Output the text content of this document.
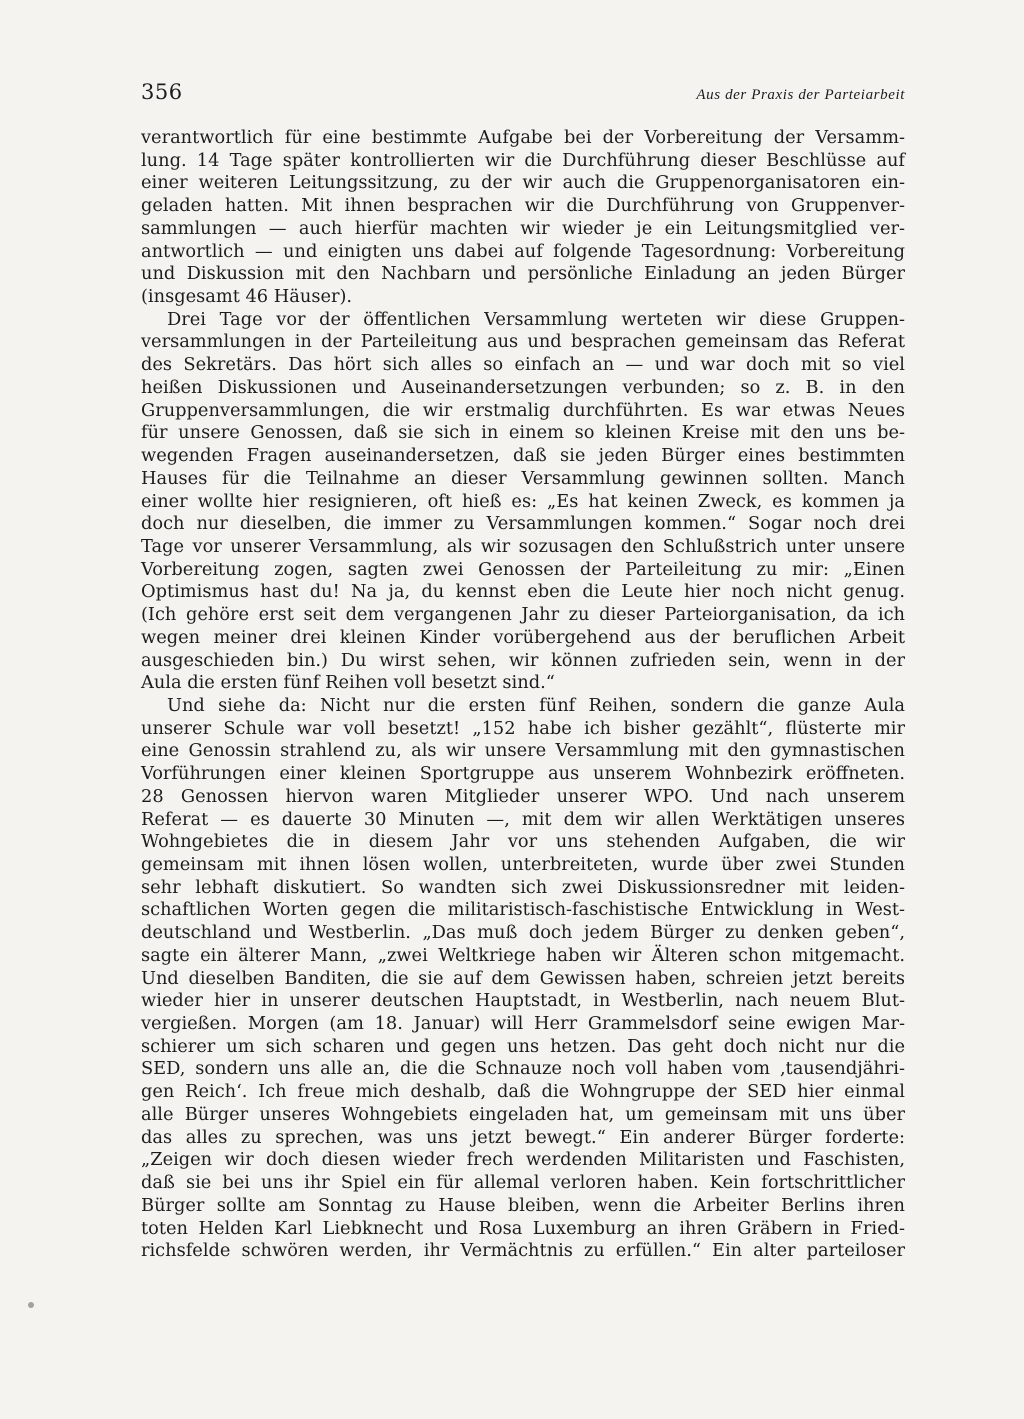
356	Aus der Praxis der Parteiarbeit
verantwortlich für eine bestimmte Aufgabe bei der Vorbereitung der Versamm-
lung. 14 Tage später kontrollierten wir die Durchführung dieser Beschlüsse auf
einer weiteren Leitungssitzung, zu der wir auch die Gruppenorganisatoren ein-
geladen hatten. Mit ihnen besprachen wir die Durchführung von Gruppenver-
sammlungen — auch hierfür machten wir wieder je ein Leitungsmitglied ver-
antwortlich — und einigten uns dabei auf folgende Tagesordnung: Vorbereitung
und Diskussion mit den Nachbarn und persönliche Einladung an jeden Bürger
(insgesamt 46 Häuser).
Drei Tage vor der öffentlichen Versammlung werteten wir diese Gruppen-
versammlungen in der Parteileitung aus und besprachen gemeinsam das Referat
des Sekretärs. Das hört sich alles so einfach an — und war doch mit so viel
heißen Diskussionen und Auseinandersetzungen verbunden; so z. B. in den
Gruppenversammlungen, die wir erstmalig durchführten. Es war etwas Neues
für unsere Genossen, daß sie sich in einem so kleinen Kreise mit den uns be-
wegenden Fragen auseinandersetzen, daß sie jeden Bürger eines bestimmten
Hauses für die Teilnahme an dieser Versammlung gewinnen sollten. Manch
einer wollte hier resignieren, oft hieß es: „Es hat keinen Zweck, es kommen ja
doch nur dieselben, die immer zu Versammlungen kommen.“ Sogar noch drei
Tage vor unserer Versammlung, als wir sozusagen den Schlußstrich unter unsere
Vorbereitung zogen, sagten zwei Genossen der Parteileitung zu mir: „Einen
Optimismus hast du! Na ja, du kennst eben die Leute hier noch nicht genug.
(Ich gehöre erst seit dem vergangenen Jahr zu dieser Parteiorganisation, da ich
wegen meiner drei kleinen Kinder vorübergehend aus der beruflichen Arbeit
ausgeschieden bin.) Du wirst sehen, wir können zufrieden sein, wenn in der
Aula die ersten fünf Reihen voll besetzt sind.“
Und siehe da: Nicht nur die ersten fünf Reihen, sondern die ganze Aula
unserer Schule war voll besetzt! „152 habe ich bisher gezählt“, flüsterte mir
eine Genossin strahlend zu, als wir unsere Versammlung mit den gymnastischen
Vorführungen einer kleinen Sportgruppe aus unserem Wohnbezirk eröffneten.
28 Genossen hiervon waren Mitglieder unserer WPO. Und nach unserem
Referat — es dauerte 30 Minuten —, mit dem wir allen Werktätigen unseres
Wohngebietes die in diesem Jahr vor uns stehenden Aufgaben, die wir
gemeinsam mit ihnen lösen wollen, unterbreiteten, wurde über zwei Stunden
sehr lebhaft diskutiert. So wandten sich zwei Diskussionsredner mit leiden-
schaftlichen Worten gegen die militaristisch-faschistische Entwicklung in West-
deutschland und Westberlin. „Das muß doch jedem Bürger zu denken geben“,
sagte ein älterer Mann, „zwei Weltkriege haben wir Älteren schon mitgemacht.
Und dieselben Banditen, die sie auf dem Gewissen haben, schreien jetzt bereits
wieder hier in unserer deutschen Hauptstadt, in Westberlin, nach neuem Blut-
vergießen. Morgen (am 18. Januar) will Herr Grammelsdorf seine ewigen Mar-
schierer um sich scharen und gegen uns hetzen. Das geht doch nicht nur die
SED, sondern uns alle an, die die Schnauze noch voll haben vom ‚tausendjähri-
gen Reich‘. Ich freue mich deshalb, daß die Wohngruppe der SED hier einmal
alle Bürger unseres Wohngebiets eingeladen hat, um gemeinsam mit uns über
das alles zu sprechen, was uns jetzt bewegt.“ Ein anderer Bürger forderte:
„Zeigen wir doch diesen wieder frech werdenden Militaristen und Faschisten,
daß sie bei uns ihr Spiel ein für allemal verloren haben. Kein fortschrittlicher
Bürger sollte am Sonntag zu Hause bleiben, wenn die Arbeiter Berlins ihren
toten Helden Karl Liebknecht und Rosa Luxemburg an ihren Gräbern in Fried-
richsfelde schwören werden, ihr Vermächtnis zu erfüllen.“ Ein alter parteiloser
